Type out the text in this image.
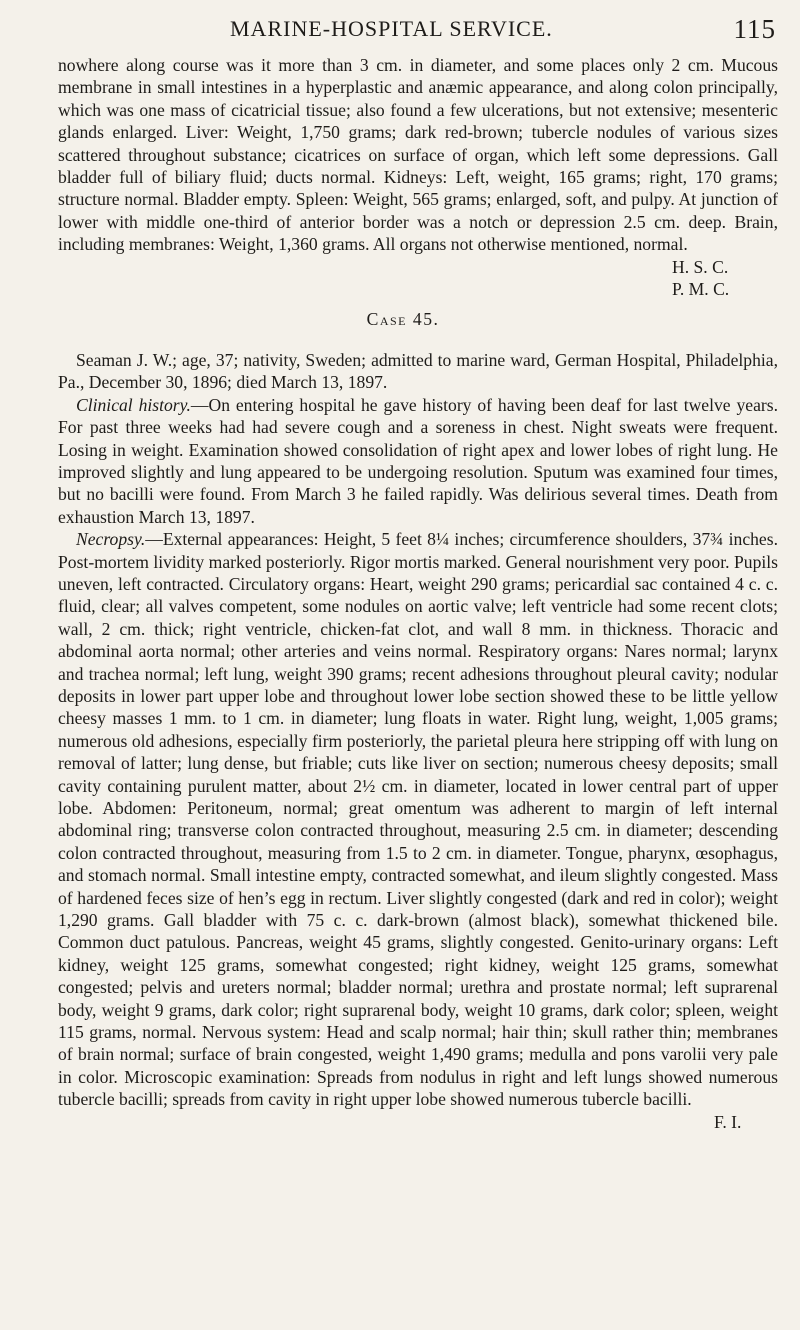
MARINE-HOSPITAL SERVICE.	115

nowhere along course was it more than 3 cm. in diameter, and some places only 2 cm. Mucous membrane in small intestines in a hyperplastic and anæmic appearance, and along colon principally, which was one mass of cicatricial tissue; also found a few ulcerations, but not extensive; mesenteric glands enlarged. Liver: Weight, 1,750 grams; dark red-brown; tubercle nodules of various sizes scattered throughout substance; cicatrices on surface of organ, which left some depressions. Gall bladder full of biliary fluid; ducts normal. Kidneys: Left, weight, 165 grams; right, 170 grams; structure normal. Bladder empty. Spleen: Weight, 565 grams; enlarged, soft, and pulpy. At junction of lower with middle one-third of anterior border was a notch or depression 2.5 cm. deep. Brain, including membranes: Weight, 1,360 grams. All organs not otherwise mentioned, normal.

H. S. C.
P. M. C.
Case 45.

Seaman J. W.; age, 37; nativity, Sweden; admitted to marine ward, German Hospital, Philadelphia, Pa., December 30, 1896; died March 13, 1897.

Clinical history.—On entering hospital he gave history of having been deaf for last twelve years. For past three weeks had had severe cough and a soreness in chest. Night sweats were frequent. Losing in weight. Examination showed consolidation of right apex and lower lobes of right lung. He improved slightly and lung appeared to be undergoing resolution. Sputum was examined four times, but no bacilli were found. From March 3 he failed rapidly. Was delirious several times. Death from exhaustion March 13, 1897.

Necropsy.—External appearances: Height, 5 feet 8¼ inches; circumference shoulders, 37¾ inches. Post-mortem lividity marked posteriorly. Rigor mortis marked. General nourishment very poor. Pupils uneven, left contracted. Circulatory organs: Heart, weight 290 grams; pericardial sac contained 4 c. c. fluid, clear; all valves competent, some nodules on aortic valve; left ventricle had some recent clots; wall, 2 cm. thick; right ventricle, chicken-fat clot, and wall 8 mm. in thickness. Thoracic and abdominal aorta normal; other arteries and veins normal. Respiratory organs: Nares normal; larynx and trachea normal; left lung, weight 390 grams; recent adhesions throughout pleural cavity; nodular deposits in lower part upper lobe and throughout lower lobe section showed these to be little yellow cheesy masses 1 mm. to 1 cm. in diameter; lung floats in water. Right lung, weight, 1,005 grams; numerous old adhesions, especially firm posteriorly, the parietal pleura here stripping off with lung on removal of latter; lung dense, but friable; cuts like liver on section; numerous cheesy deposits; small cavity containing purulent matter, about 2½ cm. in diameter, located in lower central part of upper lobe. Abdomen: Peritoneum, normal; great omentum was adherent to margin of left internal abdominal ring; transverse colon contracted throughout, measuring 2.5 cm. in diameter; descending colon contracted throughout, measuring from 1.5 to 2 cm. in diameter. Tongue, pharynx, œsophagus, and stomach normal. Small intestine empty, contracted somewhat, and ileum slightly congested. Mass of hardened feces size of hen’s egg in rectum. Liver slightly congested (dark and red in color); weight 1,290 grams. Gall bladder with 75 c. c. dark-brown (almost black), somewhat thickened bile. Common duct patulous. Pancreas, weight 45 grams, slightly congested. Genito-urinary organs: Left kidney, weight 125 grams, somewhat congested; right kidney, weight 125 grams, somewhat congested; pelvis and ureters normal; bladder normal; urethra and prostate normal; left suprarenal body, weight 9 grams, dark color; right suprarenal body, weight 10 grams, dark color; spleen, weight 115 grams, normal. Nervous system: Head and scalp normal; hair thin; skull rather thin; membranes of brain normal; surface of brain congested, weight 1,490 grams; medulla and pons varolii very pale in color. Microscopic examination: Spreads from nodulus in right and left lungs showed numerous tubercle bacilli; spreads from cavity in right upper lobe showed numerous tubercle bacilli.

F. I.
